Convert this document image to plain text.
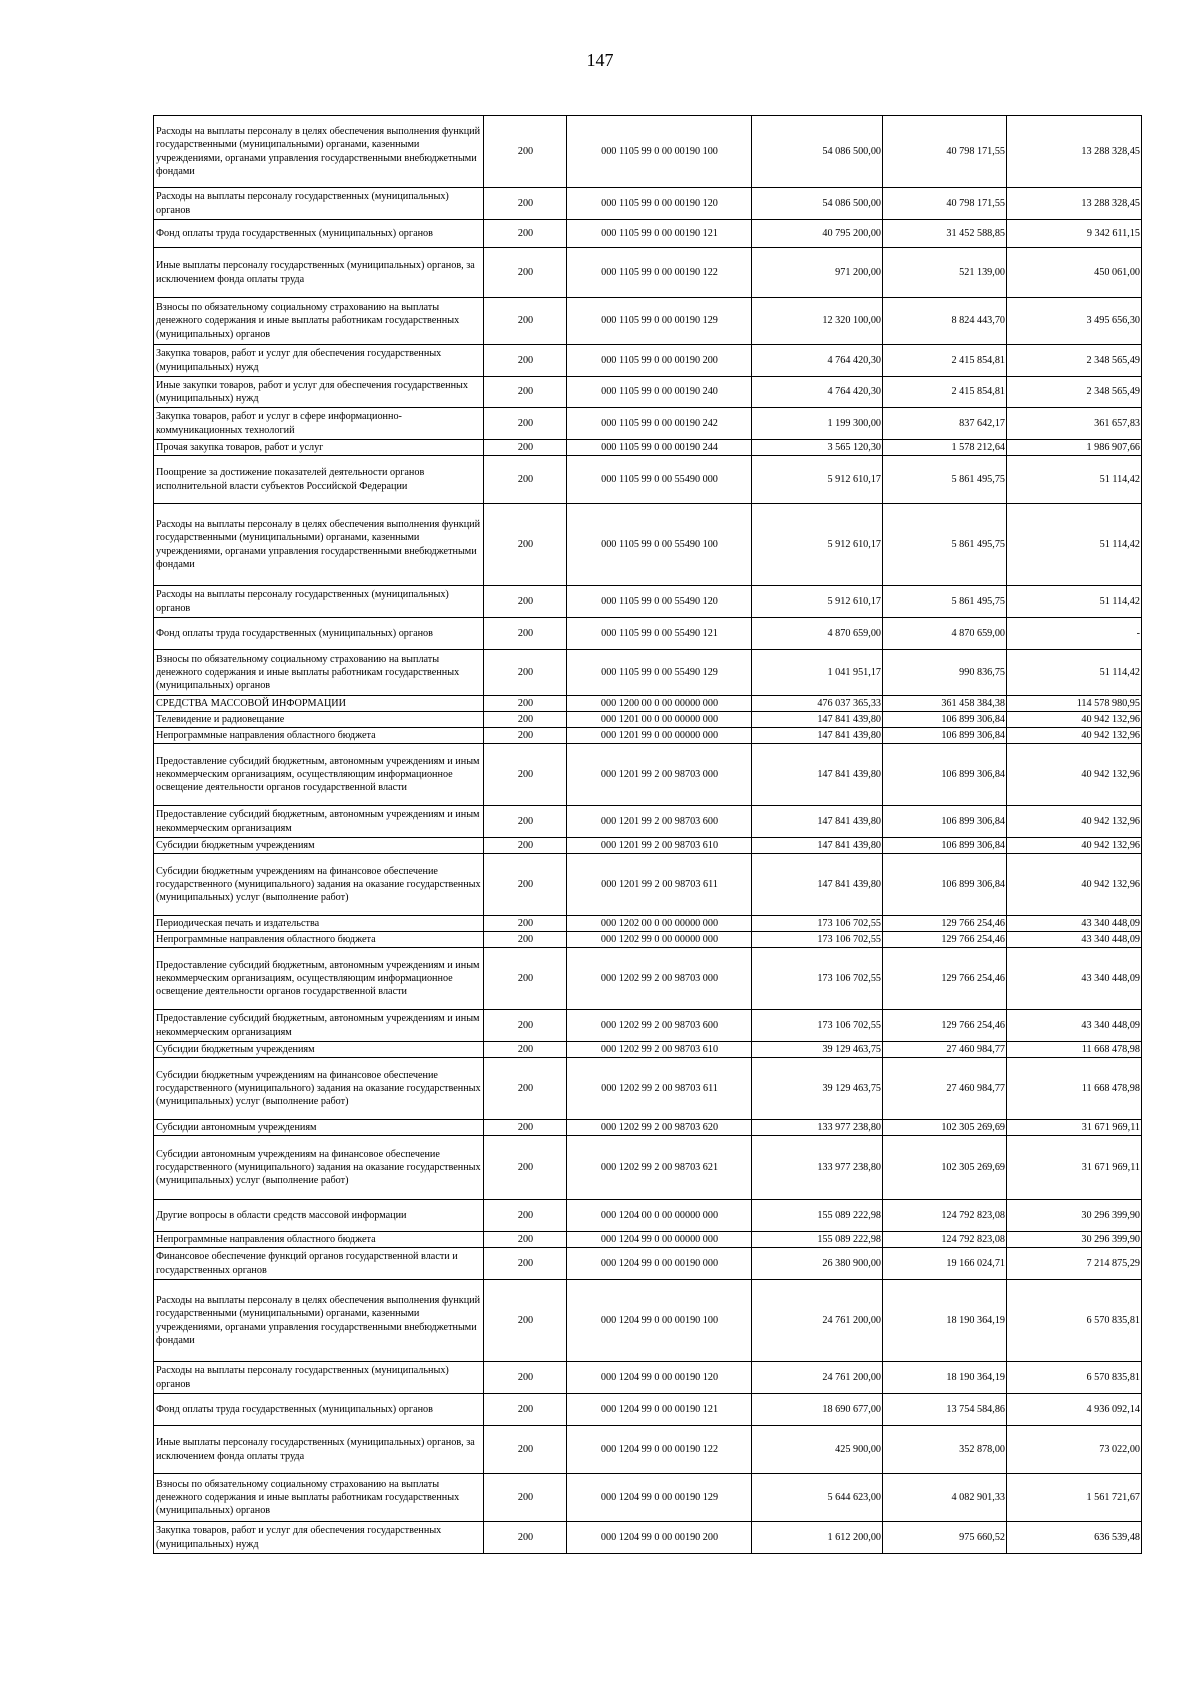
147
Расходы на выплаты персоналу в целях обеспечения выполнения функций государственными (муниципальными) органами, казенными учреждениями, органами управления государственными внебюджетными фондами	200	000 1105 99 0 00 00190 100	54 086 500,00	40 798 171,55	13 288 328,45
Расходы на выплаты персоналу государственных (муниципальных) органов	200	000 1105 99 0 00 00190 120	54 086 500,00	40 798 171,55	13 288 328,45
Фонд оплаты труда государственных (муниципальных) органов	200	000 1105 99 0 00 00190 121	40 795 200,00	31 452 588,85	9 342 611,15
Иные выплаты персоналу государственных (муниципальных) органов, за исключением фонда оплаты труда	200	000 1105 99 0 00 00190 122	971 200,00	521 139,00	450 061,00
Взносы по обязательному социальному страхованию на выплаты денежного содержания и иные выплаты работникам государственных (муниципальных) органов	200	000 1105 99 0 00 00190 129	12 320 100,00	8 824 443,70	3 495 656,30
Закупка товаров, работ и услуг для обеспечения государственных (муниципальных) нужд	200	000 1105 99 0 00 00190 200	4 764 420,30	2 415 854,81	2 348 565,49
Иные закупки товаров, работ и услуг для обеспечения государственных (муниципальных) нужд	200	000 1105 99 0 00 00190 240	4 764 420,30	2 415 854,81	2 348 565,49
Закупка товаров, работ и услуг в сфере информационно-коммуникационных технологий	200	000 1105 99 0 00 00190 242	1 199 300,00	837 642,17	361 657,83
Прочая закупка товаров, работ и услуг	200	000 1105 99 0 00 00190 244	3 565 120,30	1 578 212,64	1 986 907,66
Поощрение за достижение показателей деятельности органов исполнительной власти субъектов Российской Федерации	200	000 1105 99 0 00 55490 000	5 912 610,17	5 861 495,75	51 114,42
Расходы на выплаты персоналу в целях обеспечения выполнения функций государственными (муниципальными) органами, казенными учреждениями, органами управления государственными внебюджетными фондами	200	000 1105 99 0 00 55490 100	5 912 610,17	5 861 495,75	51 114,42
Расходы на выплаты персоналу государственных (муниципальных) органов	200	000 1105 99 0 00 55490 120	5 912 610,17	5 861 495,75	51 114,42
Фонд оплаты труда государственных (муниципальных) органов	200	000 1105 99 0 00 55490 121	4 870 659,00	4 870 659,00	-
Взносы по обязательному социальному страхованию на выплаты денежного содержания и иные выплаты работникам государственных (муниципальных) органов	200	000 1105 99 0 00 55490 129	1 041 951,17	990 836,75	51 114,42
СРЕДСТВА МАССОВОЙ ИНФОРМАЦИИ	200	000 1200 00 0 00 00000 000	476 037 365,33	361 458 384,38	114 578 980,95
Телевидение и радиовещание	200	000 1201 00 0 00 00000 000	147 841 439,80	106 899 306,84	40 942 132,96
Непрограммные направления областного бюджета	200	000 1201 99 0 00 00000 000	147 841 439,80	106 899 306,84	40 942 132,96
Предоставление субсидий бюджетным, автономным учреждениям и иным некоммерческим организациям, осуществляющим информационное освещение деятельности органов государственной власти	200	000 1201 99 2 00 98703 000	147 841 439,80	106 899 306,84	40 942 132,96
Предоставление субсидий бюджетным, автономным учреждениям и иным некоммерческим организациям	200	000 1201 99 2 00 98703 600	147 841 439,80	106 899 306,84	40 942 132,96
Субсидии бюджетным учреждениям	200	000 1201 99 2 00 98703 610	147 841 439,80	106 899 306,84	40 942 132,96
Субсидии бюджетным учреждениям на финансовое обеспечение государственного (муниципального) задания на оказание государственных (муниципальных) услуг (выполнение работ)	200	000 1201 99 2 00 98703 611	147 841 439,80	106 899 306,84	40 942 132,96
Периодическая печать и издательства	200	000 1202 00 0 00 00000 000	173 106 702,55	129 766 254,46	43 340 448,09
Непрограммные направления областного бюджета	200	000 1202 99 0 00 00000 000	173 106 702,55	129 766 254,46	43 340 448,09
Предоставление субсидий бюджетным, автономным учреждениям и иным некоммерческим организациям, осуществляющим информационное освещение деятельности органов государственной власти	200	000 1202 99 2 00 98703 000	173 106 702,55	129 766 254,46	43 340 448,09
Предоставление субсидий бюджетным, автономным учреждениям и иным некоммерческим организациям	200	000 1202 99 2 00 98703 600	173 106 702,55	129 766 254,46	43 340 448,09
Субсидии бюджетным учреждениям	200	000 1202 99 2 00 98703 610	39 129 463,75	27 460 984,77	11 668 478,98
Субсидии бюджетным учреждениям на финансовое обеспечение государственного (муниципального) задания на оказание государственных (муниципальных) услуг (выполнение работ)	200	000 1202 99 2 00 98703 611	39 129 463,75	27 460 984,77	11 668 478,98
Субсидии автономным учреждениям	200	000 1202 99 2 00 98703 620	133 977 238,80	102 305 269,69	31 671 969,11
Субсидии автономным учреждениям на финансовое обеспечение государственного (муниципального) задания на оказание государственных (муниципальных) услуг (выполнение работ)	200	000 1202 99 2 00 98703 621	133 977 238,80	102 305 269,69	31 671 969,11
Другие вопросы в области средств массовой информации	200	000 1204 00 0 00 00000 000	155 089 222,98	124 792 823,08	30 296 399,90
Непрограммные направления областного бюджета	200	000 1204 99 0 00 00000 000	155 089 222,98	124 792 823,08	30 296 399,90
Финансовое обеспечение функций органов государственной власти и государственных органов	200	000 1204 99 0 00 00190 000	26 380 900,00	19 166 024,71	7 214 875,29
Расходы на выплаты персоналу в целях обеспечения выполнения функций государственными (муниципальными) органами, казенными учреждениями, органами управления государственными внебюджетными фондами	200	000 1204 99 0 00 00190 100	24 761 200,00	18 190 364,19	6 570 835,81
Расходы на выплаты персоналу государственных (муниципальных) органов	200	000 1204 99 0 00 00190 120	24 761 200,00	18 190 364,19	6 570 835,81
Фонд оплаты труда государственных (муниципальных) органов	200	000 1204 99 0 00 00190 121	18 690 677,00	13 754 584,86	4 936 092,14
Иные выплаты персоналу государственных (муниципальных) органов, за исключением фонда оплаты труда	200	000 1204 99 0 00 00190 122	425 900,00	352 878,00	73 022,00
Взносы по обязательному социальному страхованию на выплаты денежного содержания и иные выплаты работникам государственных (муниципальных) органов	200	000 1204 99 0 00 00190 129	5 644 623,00	4 082 901,33	1 561 721,67
Закупка товаров, работ и услуг для обеспечения государственных (муниципальных) нужд	200	000 1204 99 0 00 00190 200	1 612 200,00	975 660,52	636 539,48
